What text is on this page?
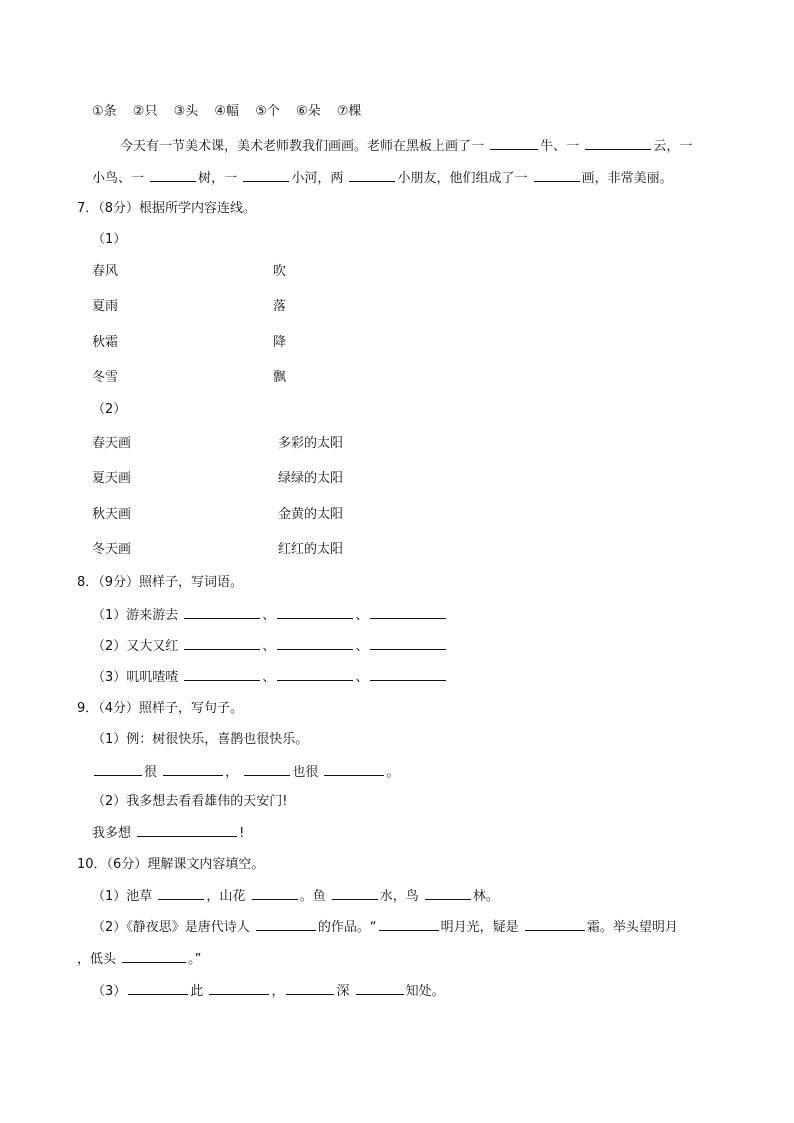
①条 ②只 ③头 ④幅 ⑤个 ⑥朵 ⑦棵
今天有一节美术课，美术老师教我们画画。老师在黑板上画了一	牛、一	云，一
小鸟、一	树，一	小河，两	小朋友，他们组成了一	画，非常美丽。
7．（8分）根据所学内容连线。
（1）
春风	吹
夏雨	落
秋霜	降
冬雪	飘
（2）
春天画	多彩的太阳
夏天画	绿绿的太阳
秋天画	金黄的太阳
冬天画	红红的太阳
8．（9分）照样子，写词语。
（1）游来游去	、	、
（2）又大又红	、	、
（3）叽叽喳喳	、	、
9．（4分）照样子，写句子。
（1）例：树很快乐，喜鹊也很快乐。
很	，	也很	。
（2）我多想去看看雄伟的天安门!
我多想	!
10．（6分）理解课文内容填空。
（1）池草	，山花	。鱼	水，鸟	林。
（2）《静夜思》是唐代诗人	的作品。“	明月光，疑是	霜。举头望明月
，低头	。”
（3）	此	，	深	知处。
